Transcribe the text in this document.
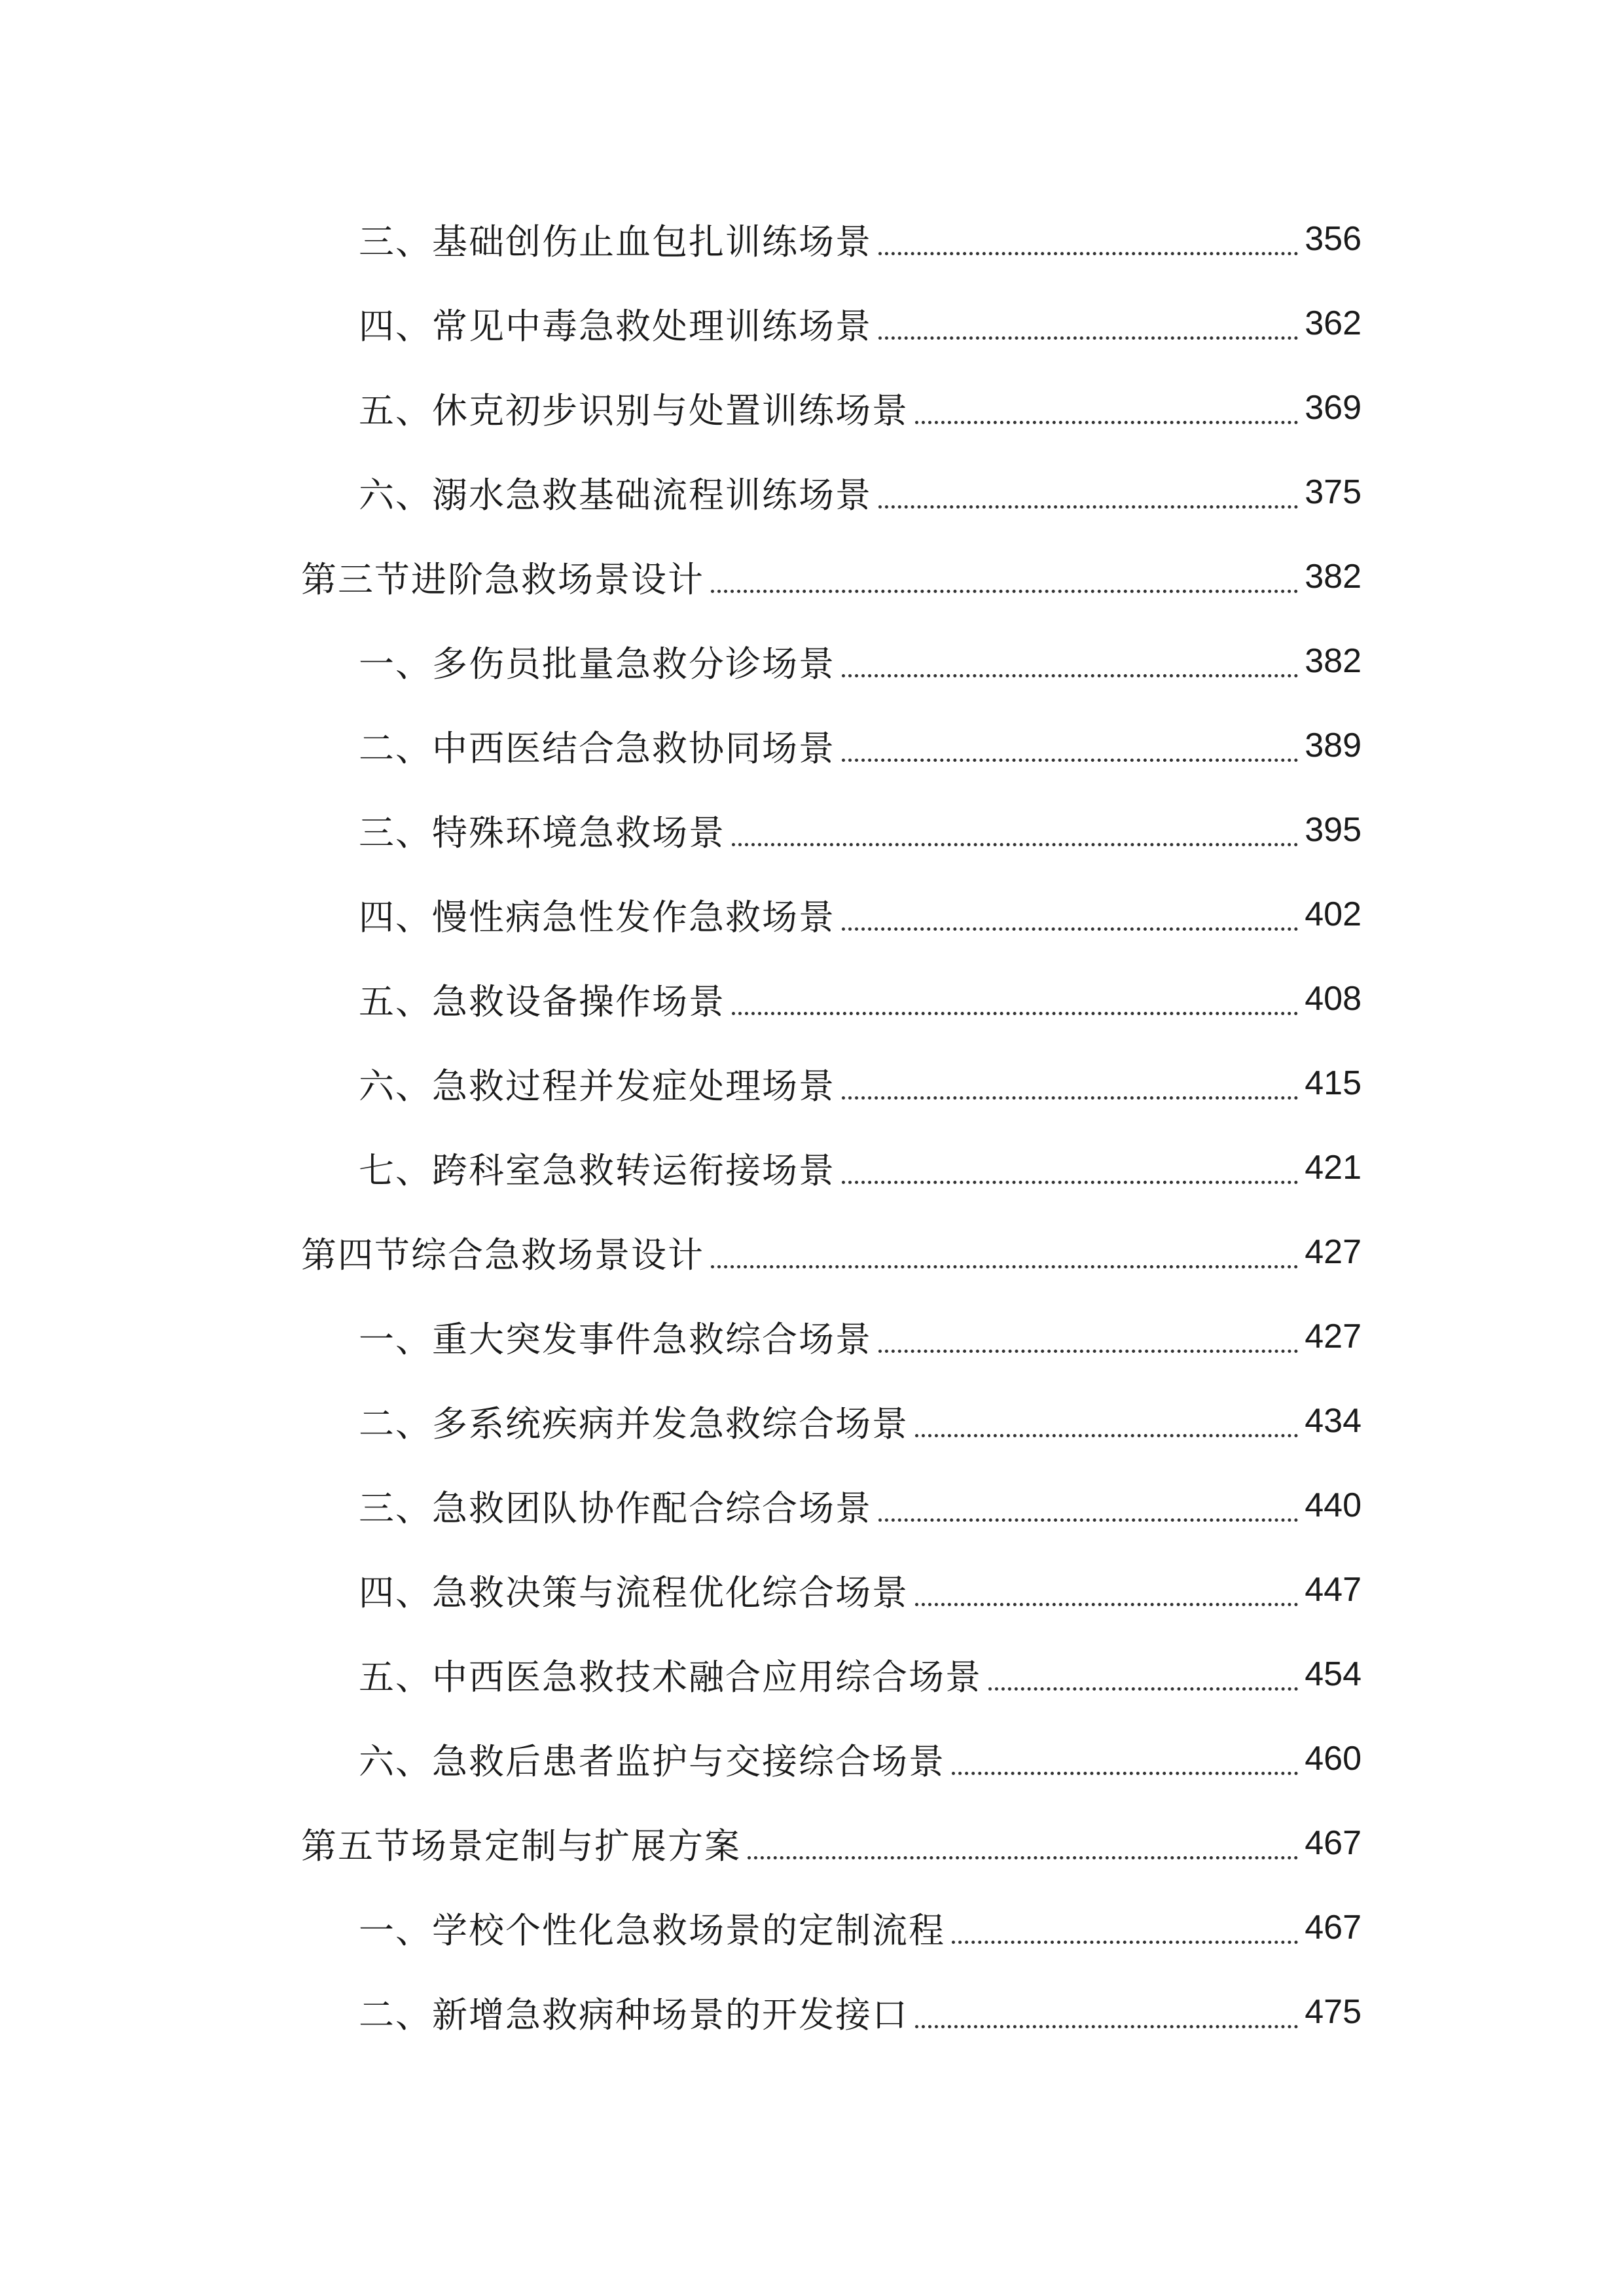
三、基础创伤止血包扎训练场景	356
四、常见中毒急救处理训练场景	362
五、休克初步识别与处置训练场景	369
六、溺水急救基础流程训练场景	375
第三节进阶急救场景设计	382
一、多伤员批量急救分诊场景	382
二、中西医结合急救协同场景	389
三、特殊环境急救场景	395
四、慢性病急性发作急救场景	402
五、急救设备操作场景	408
六、急救过程并发症处理场景	415
七、跨科室急救转运衔接场景	421
第四节综合急救场景设计	427
一、重大突发事件急救综合场景	427
二、多系统疾病并发急救综合场景	434
三、急救团队协作配合综合场景	440
四、急救决策与流程优化综合场景	447
五、中西医急救技术融合应用综合场景	454
六、急救后患者监护与交接综合场景	460
第五节场景定制与扩展方案	467
一、学校个性化急救场景的定制流程	467
二、新增急救病种场景的开发接口	475
